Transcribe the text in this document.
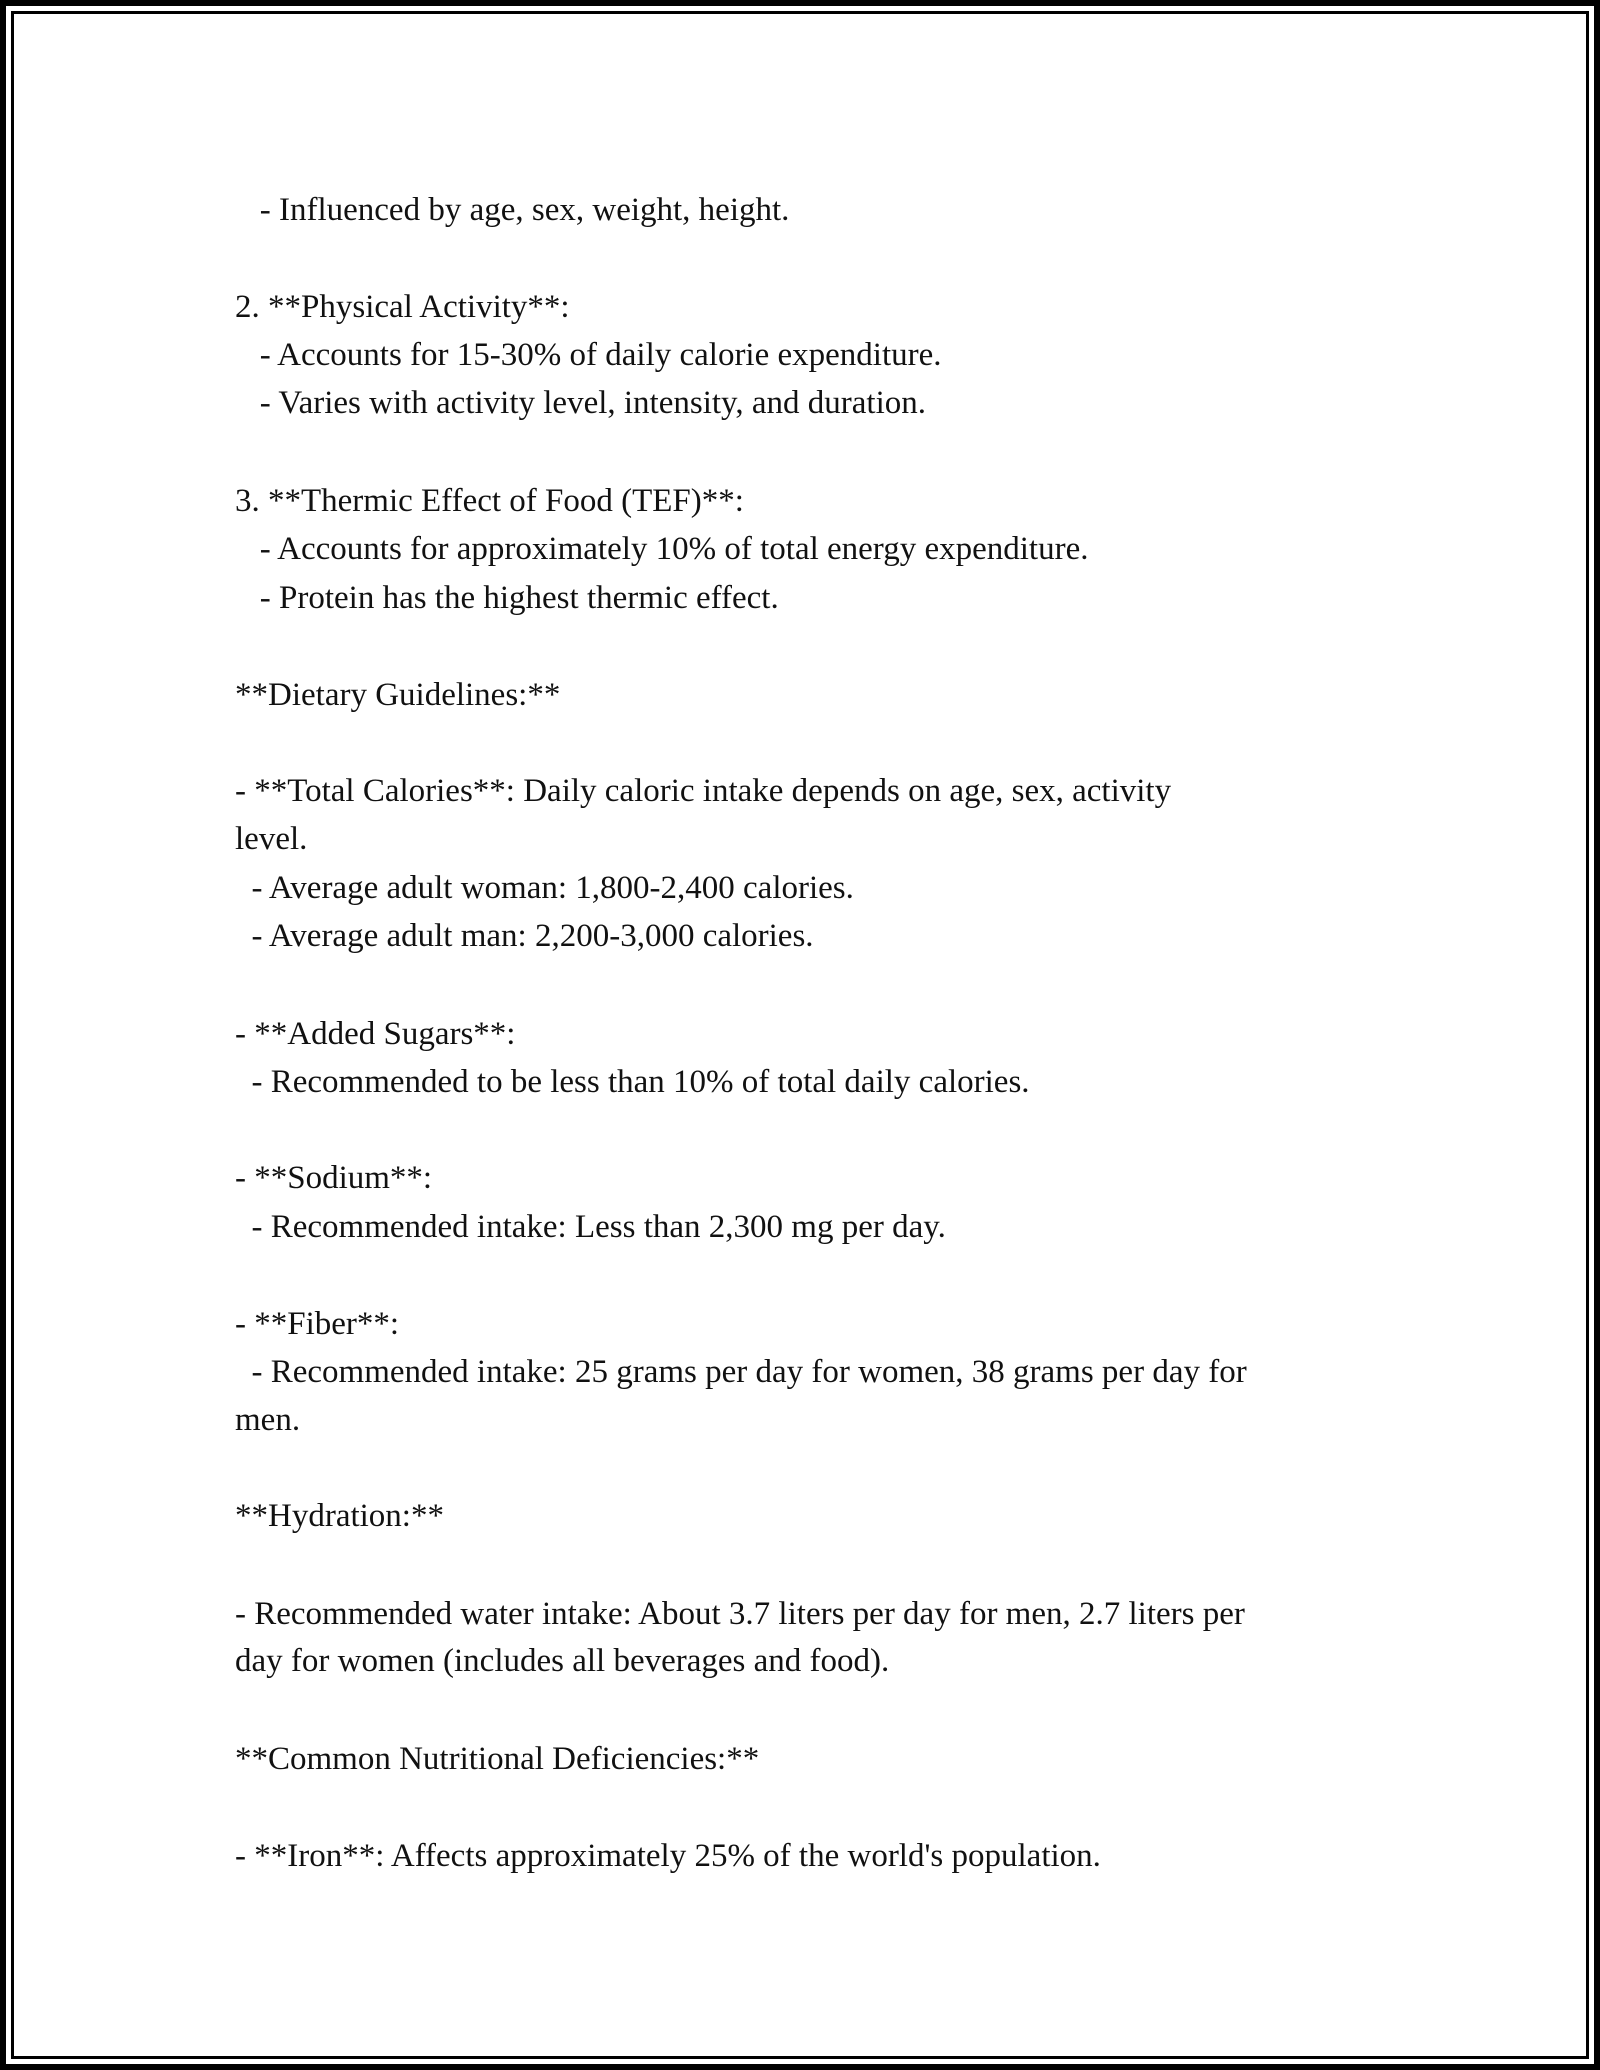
- Influenced by age, sex, weight, height.

2. **Physical Activity**:

- Accounts for 15-30% of daily calorie expenditure.

- Varies with activity level, intensity, and duration.

3. **Thermic Effect of Food (TEF)**:

- Accounts for approximately 10% of total energy expenditure.

- Protein has the highest thermic effect.

**Dietary Guidelines:**

- **Total Calories**: Daily caloric intake depends on age, sex, activity

level.

- Average adult woman: 1,800-2,400 calories.

- Average adult man: 2,200-3,000 calories.

- **Added Sugars**:

- Recommended to be less than 10% of total daily calories.

- **Sodium**:

- Recommended intake: Less than 2,300 mg per day.

- **Fiber**:

- Recommended intake: 25 grams per day for women, 38 grams per day for

men.

**Hydration:**

- Recommended water intake: About 3.7 liters per day for men, 2.7 liters per

day for women (includes all beverages and food).

**Common Nutritional Deficiencies:**

- **Iron**: Affects approximately 25% of the world's population.
